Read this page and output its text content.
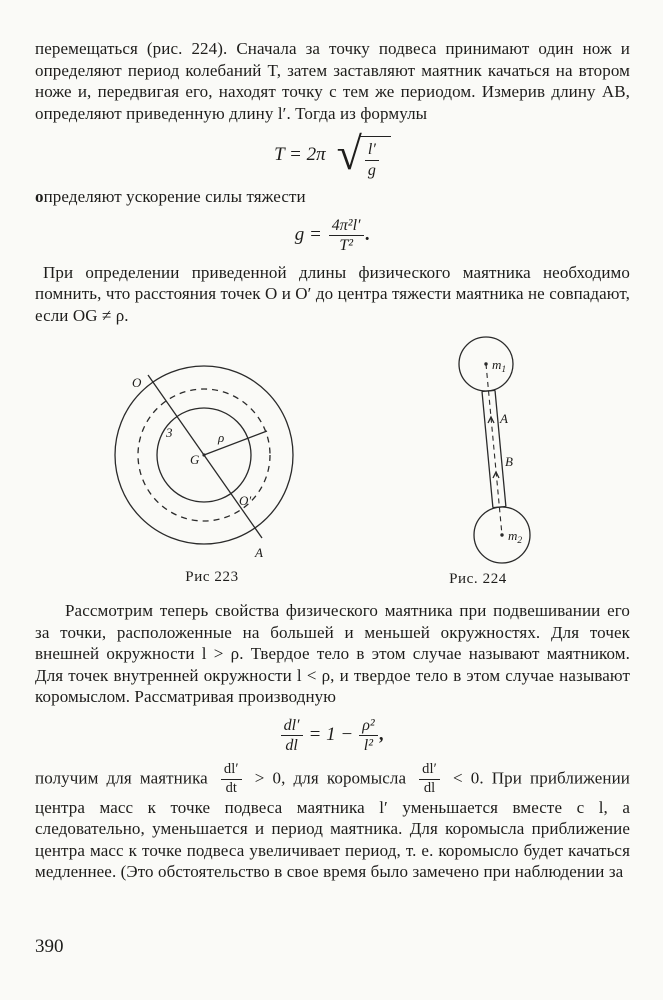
перемещаться (рис. 224). Сначала за точку подвеса принимают один нож и определяют период колебаний T, затем заставляют маятник качаться на втором ноже и, передвигая его, находят точку с тем же периодом. Измерив длину AB, определяют приведенную длину l′. Тогда из формулы

T = 2π √ $\frac{l'}{g}$

определяют ускорение силы тяжести

$g = \frac{\text{4π²l′}}{\text{T²}}$ .

При определении приведенной длины физического маятника необходимо помнить, что расстояния точек O и O′ до центра тяжести маятника не совпадают, если OG ≠ ρ.

O
3
G
ρ
O′
A
Рис 223
$m_1$
$m_2$
A
B
Рис. 224

Рассмотрим теперь свойства физического маятника при подвешивании его за точки, расположенные на большей и меньшей окружностях. Для точек внешней окружности l > ρ. Твердое тело в этом случае называют маятником. Для точек внутренней окружности l < ρ, и твердое тело в этом случае называют коромыслом. Рассматривая производную

$\frac{dl'}{dl} = 1 - \frac{\text{ρ²}}{\text{l²}}$ ,

получим для маятника $\frac{dl'}{dt} > 0$, для коромысла $\frac{dl'}{dl} < 0$. При приближении центра масс к точке подвеса маятника l′ уменьшается вместе с l, а следовательно, уменьшается и период маятника. Для коромысла приближение центра масс к точке подвеса увеличивает период, т. е. коромысло будет качаться медленнее. (Это обстоятельство в свое время было замечено при наблюдении за

390
